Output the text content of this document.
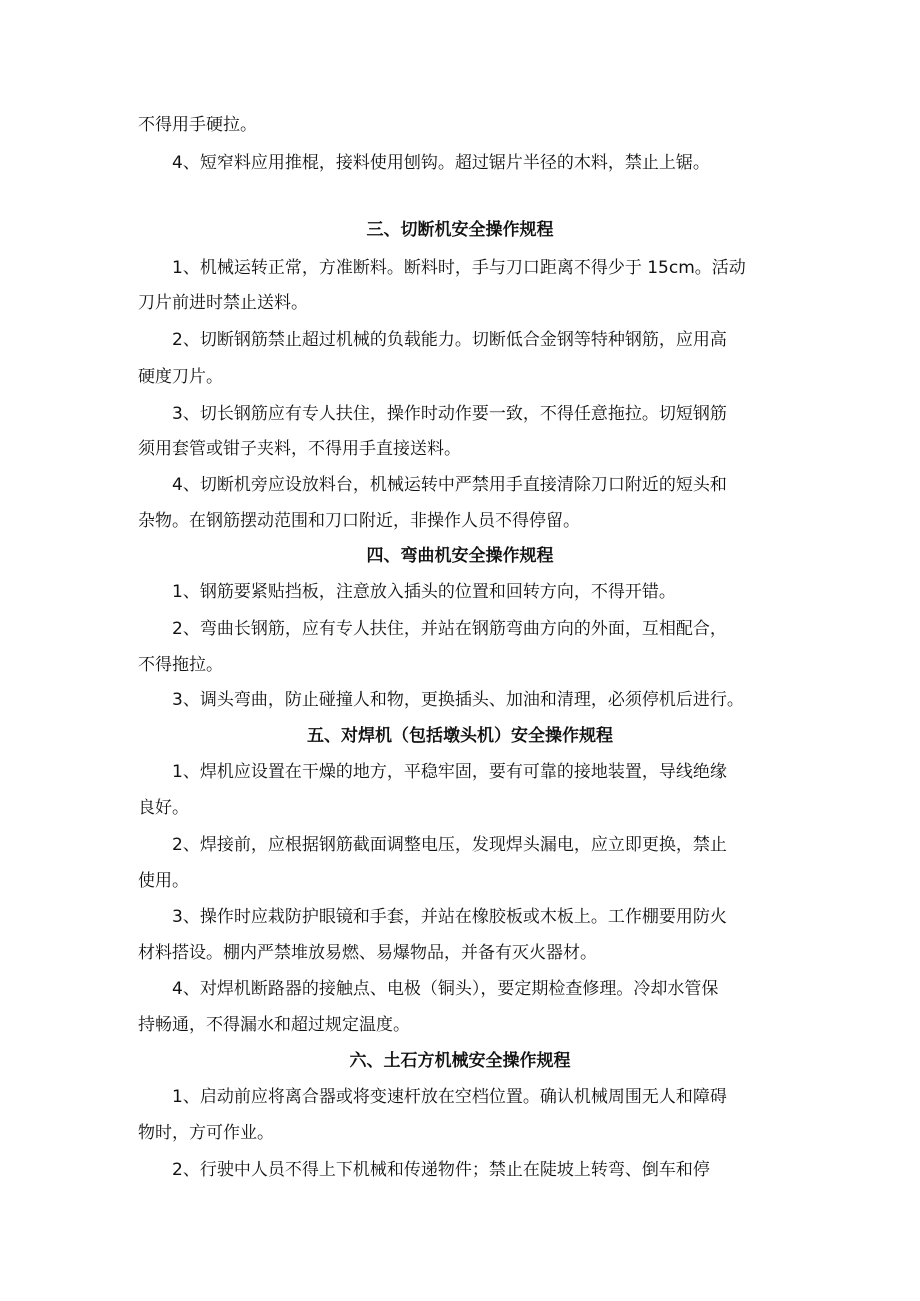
不得用手硬拉。

4、短窄料应用推棍，接料使用刨钩。超过锯片半径的木料，禁止上锯。

三、切断机安全操作规程

1、机械运转正常，方准断料。断料时，手与刀口距离不得少于 15cm。活动

刀片前进时禁止送料。

2、切断钢筋禁止超过机械的负载能力。切断低合金钢等特种钢筋，应用高

硬度刀片。

3、切长钢筋应有专人扶住，操作时动作要一致，不得任意拖拉。切短钢筋

须用套管或钳子夹料，不得用手直接送料。

4、切断机旁应设放料台，机械运转中严禁用手直接清除刀口附近的短头和

杂物。在钢筋摆动范围和刀口附近，非操作人员不得停留。

四、弯曲机安全操作规程

1、钢筋要紧贴挡板，注意放入插头的位置和回转方向，不得开错。

2、弯曲长钢筋，应有专人扶住，并站在钢筋弯曲方向的外面，互相配合，

不得拖拉。

3、调头弯曲，防止碰撞人和物，更换插头、加油和清理，必须停机后进行。

五、对焊机（包括墩头机）安全操作规程

1、焊机应设置在干燥的地方，平稳牢固，要有可靠的接地装置，导线绝缘

良好。

2、焊接前，应根据钢筋截面调整电压，发现焊头漏电，应立即更换，禁止

使用。

3、操作时应栽防护眼镜和手套，并站在橡胶板或木板上。工作棚要用防火

材料搭设。棚内严禁堆放易燃、易爆物品，并备有灭火器材。

4、对焊机断路器的接触点、电极（铜头），要定期检查修理。冷却水管保

持畅通，不得漏水和超过规定温度。

六、土石方机械安全操作规程

1、启动前应将离合器或将变速杆放在空档位置。确认机械周围无人和障碍

物时，方可作业。

2、行驶中人员不得上下机械和传递物件；禁止在陡坡上转弯、倒车和停
